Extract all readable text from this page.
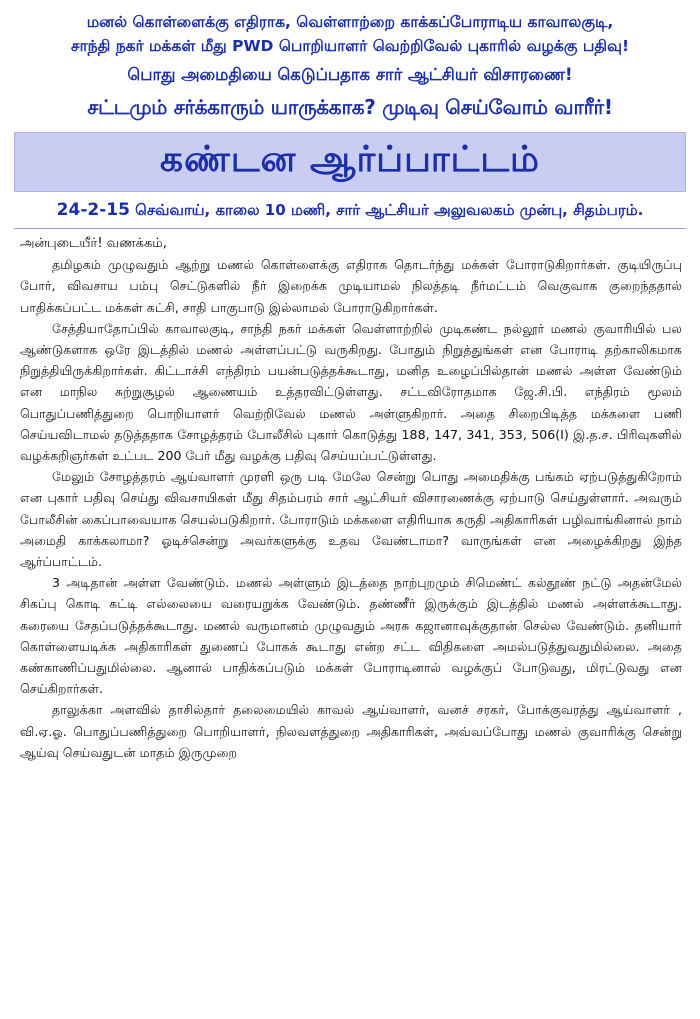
மனல் கொள்ளைக்கு எதிராக, வெள்ளாற்றை காக்கப்போராடிய காவாலகுடி,
சாந்தி நகர் மக்கள் மீது PWD பொறியாளர் வெற்றிவேல் புகாரில் வழக்கு பதிவு!
பொது அமைதியை கெடுப்பதாக சார் ஆட்சியர் விசாரணை!
சட்டமும் சர்க்காரும் யாருக்காக? முடிவு செய்வோம் வாரீர்!
கண்டன ஆர்ப்பாட்டம்
24-2-15 செவ்வாய், காலை 10 மணி, சார் ஆட்சியர் அலுவலகம் முன்பு, சிதம்பரம்.

அன்புடையீர்! வணக்கம்,

தமிழகம் முழுவதும் ஆற்று மணல் கொள்ளைக்கு எதிராக தொடர்ந்து மக்கள் போராடுகிறார்கள். குடியிருப்பு போர், விவசாய பம்பு செட்டுகளில் நீர் இறைக்க முடியாமல் நிலத்தடி நீர்மட்டம் வெகுவாக குறைந்ததால் பாதிக்கப்பட்ட மக்கள் கட்சி, சாதி பாகுபாடு இல்லாமல் போராடுகிறார்கள்.

சேத்தியாதோப்பில் காவாலகுடி, சாந்தி நகர் மக்கள் வெள்ளாற்றில் முடிகண்ட நல்லூர் மணல் குவாரியில் பல ஆண்டுகளாக ஒரே இடத்தில் மணல் அள்ளப்பட்டு வருகிறது. போதும் நிறுத்துங்கள் என போராடி தற்காலிகமாக நிறுத்தியிருக்கிறார்கள். கிட்டாச்சி எந்திரம் பயன்படுத்தக்கூடாது, மனித உழைப்பில்தான் மணல் அள்ள வேண்டும் என மாநில சுற்றுசூழல் ஆணையம் உத்தரவிட்டுள்ளது. சட்டவிரோதமாக ஜே.சி.பி. எந்திரம் மூலம் பொதுப்பணித்துறை பொறியாளர் வெற்றிவேல் மணல் அள்ளுகிறார். அதை சிறைபிடித்த மக்களை பணி செய்யவிடாமல் தடுத்ததாக சோழத்தரம் போலீசில் புகார் கொடுத்து 188, 147, 341, 353, 506(I) இ.த.ச. பிரிவுகளில் வழக்கறிஞர்கள் உட்பட 200 பேர் மீது வழக்கு பதிவு செய்யப்பட்டுள்ளது.

மேலும் சோழத்தரம் ஆய்வாளர் முரளி ஒரு படி மேலே சென்று பொது அமைதிக்கு பங்கம் ஏற்படுத்துகிறோம் என புகார் பதிவு செய்து விவசாயிகள் மீது சிதம்பரம் சார் ஆட்சியர் விசாரணைக்கு ஏற்பாடு செய்துள்ளார். அவரும் போலீசின் கைப்பாவையாக செயல்படுகிறார். போராடும் மக்களை எதிரியாக கருதி அதிகாரிகள் பழிவாங்கினால் நாம் அமைதி காக்கலாமா? ஓடிச்சென்று அவர்களுக்கு உதவ வேண்டாமா? வாருங்கள் என அழைக்கிறது இந்த ஆர்ப்பாட்டம்.

3 அடிதான் அள்ள வேண்டும். மணல் அள்ளும் இடத்தை நாற்புறமும் சிமெண்ட் கல்தூண் நட்டு அதன்மேல் சிகப்பு கொடி கட்டி எல்லையை வரையறுக்க வேண்டும். தண்ணீர் இருக்கும் இடத்தில் மணல் அள்ளக்கூடாது. கரையை சேதப்படுத்தக்கூடாது. மணல் வருமானம் முழுவதும் அரசு கஜானாவுக்குதான் செல்ல வேண்டும். தனியார் கொள்ளையடிக்க அதிகாரிகள் துணைப் போகக் கூடாது என்ற சட்ட விதிகளை அமல்படுத்துவதுமில்லை. அதை கண்காணிப்பதுமில்லை. ஆனால் பாதிக்கப்படும் மக்கள் போராடினால் வழக்குப் போடுவது, மிரட்டுவது என செய்கிறார்கள்.

தாலுக்கா அளவில் தாசில்தார் தலைமையில் காவல் ஆய்வாளர், வனச் சரகர், போக்குவரத்து ஆய்வாளர் , வி.ஏ.ஓ. பொதுப்பணித்துறை பொறியாளர், நிலவளத்துறை அதிகாரிகள், அவ்வப்போது மணல் குவாரிக்கு சென்று ஆய்வு செய்வதுடன் மாதம் இருமுறை
